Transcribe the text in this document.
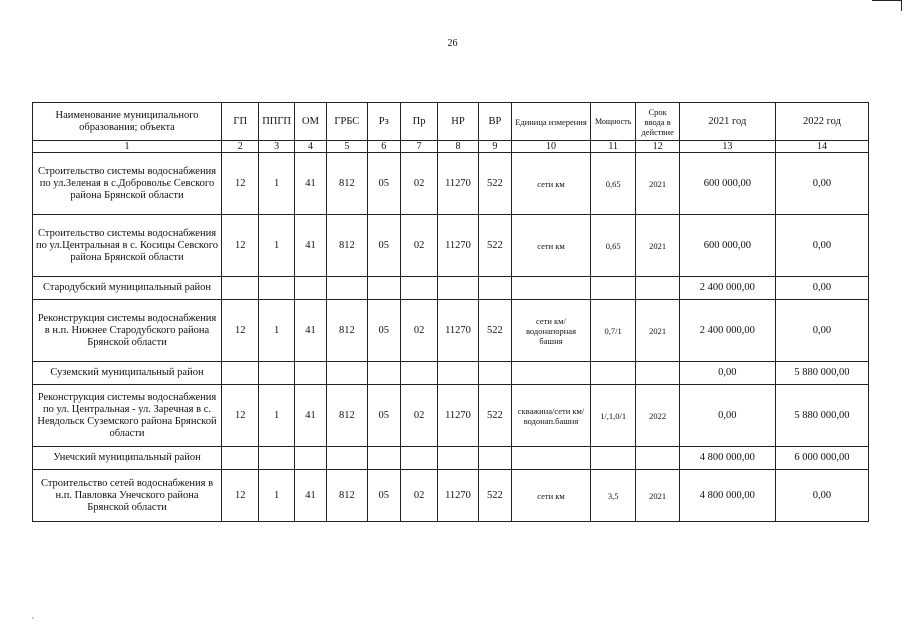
26
Наименование муниципального образования; объекта	ГП	ППГП	ОМ	ГРБС	Рз	Пр	НР	ВР	Единица измерения	Мощность	Срок ввода в действие	2021 год	2022 год
1	2	3	4	5	6	7	8	9	10	11	12	13	14
Строительство системы водоснабжения по ул.Зеленая в с.Добровольє Севского района Брянской области	12	1	41	812	05	02	11270	522	сети км	0,65	2021	600 000,00	0,00
Строительство системы водоснабжения по ул.Центральная в с. Косицы Севского района Брянской области	12	1	41	812	05	02	11270	522	сети км	0,65	2021	600 000,00	0,00
Стародубский муниципальный район												2 400 000,00	0,00
Реконструкция системы водоснабжения в н.п. Нижнее Стародубского района Брянской области	12	1	41	812	05	02	11270	522	сети км/водонапорная башня	0,7/1	2021	2 400 000,00	0,00
Суземский муниципальный район												0,00	5 880 000,00
Реконструкция системы водоснабжения по ул. Центральная - ул. Заречная в с. Невдольск Суземского района Брянской области	12	1	41	812	05	02	11270	522	скважина/сети км/водонап.башня	1/,1,0/1	2022	0,00	5 880 000,00
Унечский муниципальный район												4 800 000,00	6 000 000,00
Строительство сетей водоснабжения в н.п. Павловка Унечского района Брянской области	12	1	41	812	05	02	11270	522	сети км	3,5	2021	4 800 000,00	0,00
